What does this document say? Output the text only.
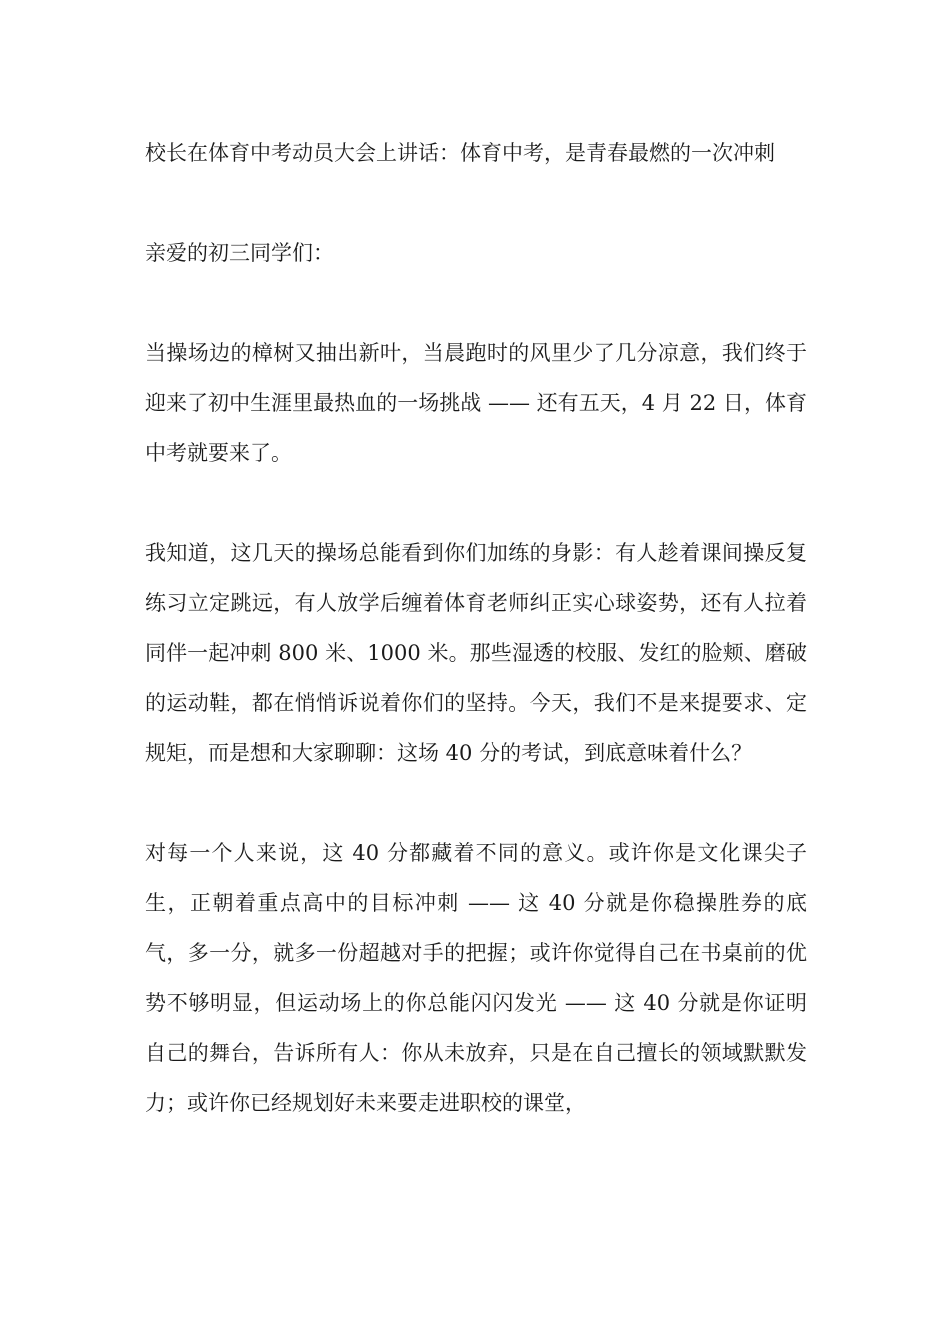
校长在体育中考动员大会上讲话：体育中考，是青春最燃的一次冲刺

亲爱的初三同学们：

当操场边的樟树又抽出新叶，当晨跑时的风里少了几分凉意，我们终于迎来了初中生涯里最热血的一场挑战 —— 还有五天，4 月 22 日，体育中考就要来了。

我知道，这几天的操场总能看到你们加练的身影：有人趁着课间操反复练习立定跳远，有人放学后缠着体育老师纠正实心球姿势，还有人拉着同伴一起冲刺 800 米、1000 米。那些湿透的校服、发红的脸颊、磨破的运动鞋，都在悄悄诉说着你们的坚持。今天，我们不是来提要求、定规矩，而是想和大家聊聊：这场 40 分的考试，到底意味着什么？

对每一个人来说，这 40 分都藏着不同的意义。或许你是文化课尖子生，正朝着重点高中的目标冲刺 —— 这 40 分就是你稳操胜券的底气，多一分，就多一份超越对手的把握；或许你觉得自己在书桌前的优势不够明显，但运动场上的你总能闪闪发光 —— 这 40 分就是你证明自己的舞台，告诉所有人：你从未放弃，只是在自己擅长的领域默默发力；或许你已经规划好未来要走进职校的课堂，
